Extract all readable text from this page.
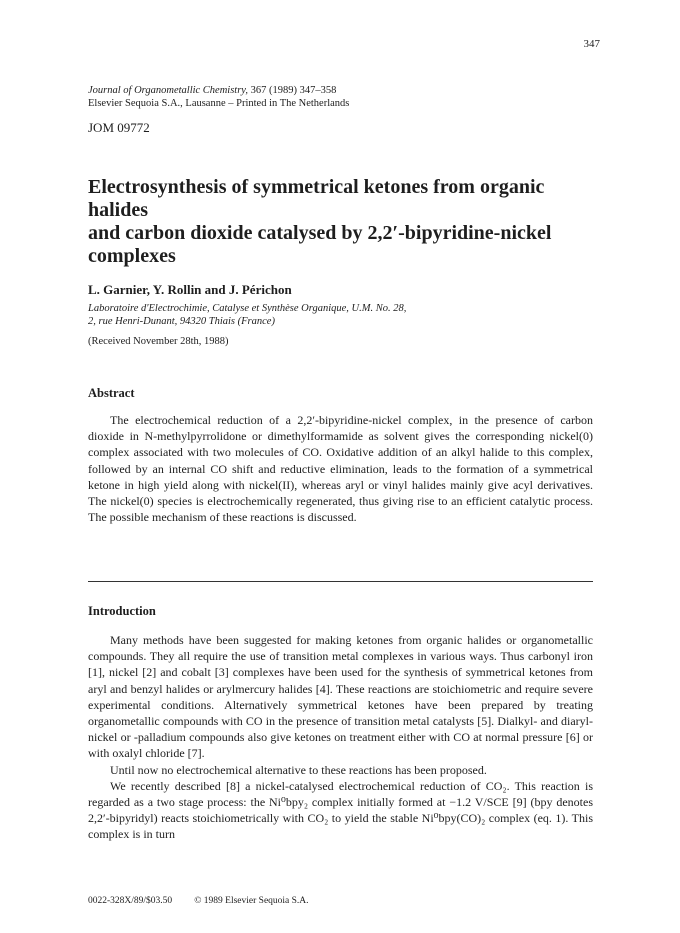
347
Journal of Organometallic Chemistry, 367 (1989) 347–358
Elsevier Sequoia S.A., Lausanne – Printed in The Netherlands
JOM 09772
Electrosynthesis of symmetrical ketones from organic halides
and carbon dioxide catalysed by 2,2′-bipyridine-nickel
complexes
L. Garnier, Y. Rollin and J. Périchon
Laboratoire d'Electrochimie, Catalyse et Synthèse Organique, U.M. No. 28,
2, rue Henri-Dunant, 94320 Thiais (France)
(Received November 28th, 1988)
Abstract

The electrochemical reduction of a 2,2′-bipyridine-nickel complex, in the presence of carbon dioxide in N-methylpyrrolidone or dimethylformamide as solvent gives the corresponding nickel(0) complex associated with two molecules of CO. Oxidative addition of an alkyl halide to this complex, followed by an internal CO shift and reductive elimination, leads to the formation of a symmetrical ketone in high yield along with nickel(II), whereas aryl or vinyl halides mainly give acyl derivatives. The nickel(0) species is electrochemically regenerated, thus giving rise to an efficient catalytic process. The possible mechanism of these reactions is discussed.

Introduction

Many methods have been suggested for making ketones from organic halides or organometallic compounds. They all require the use of transition metal complexes in various ways. Thus carbonyl iron [1], nickel [2] and cobalt [3] complexes have been used for the synthesis of symmetrical ketones from aryl and benzyl halides or arylmercury halides [4]. These reactions are stoichiometric and require severe experimental conditions. Alternatively symmetrical ketones have been prepared by treating organometallic compounds with CO in the presence of transition metal catalysts [5]. Dialkyl- and diaryl-nickel or -palladium compounds also give ketones on treatment either with CO at normal pressure [6] or with oxalyl chloride [7].

Until now no electrochemical alternative to these reactions has been proposed.

We recently described [8] a nickel-catalysed electrochemical reduction of CO₂. This reaction is regarded as a two stage process: the Ni⁰bpy₂ complex initially formed at −1.2 V/SCE [9] (bpy denotes 2,2′-bipyridyl) reacts stoichiometrically with CO₂ to yield the stable Ni⁰bpy(CO)₂ complex (eq. 1). This complex is in turn

0022-328X/89/$03.50 © 1989 Elsevier Sequoia S.A.
